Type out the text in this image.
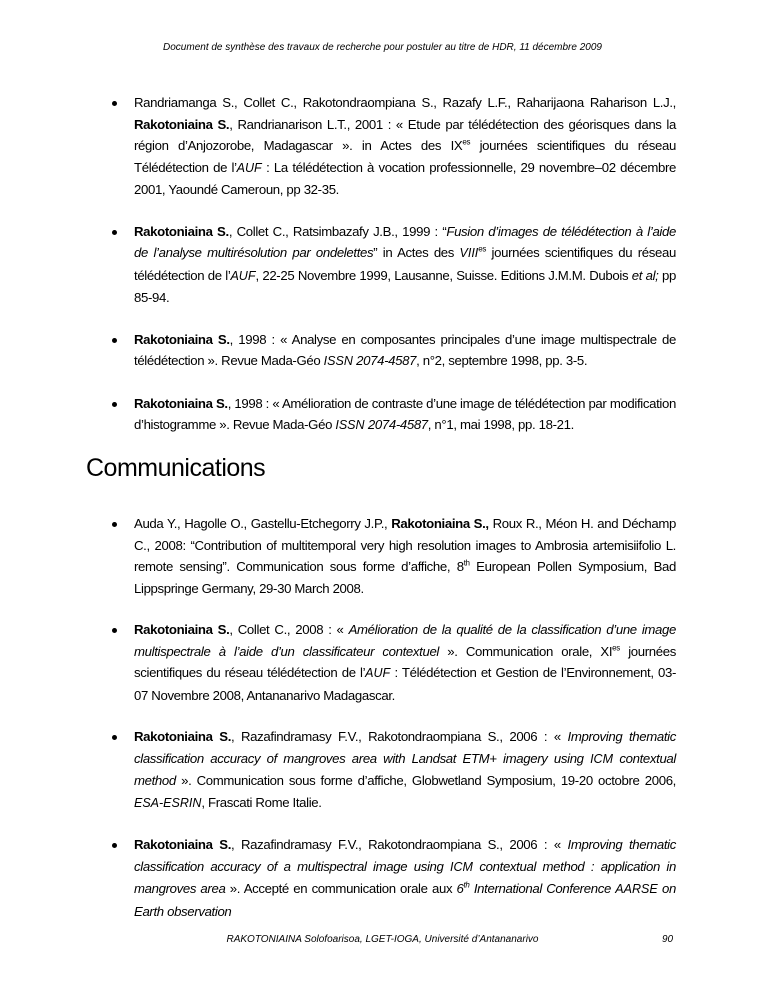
Document de synthèse des travaux de recherche pour postuler au titre de HDR, 11 décembre 2009
Randriamanga S., Collet C., Rakotondraompiana S., Razafy L.F., Raharijaona Raharison L.J., Rakotoniaina S., Randrianarison L.T., 2001 : « Etude par télédétection des géorisques dans la région d’Anjozorobe, Madagascar ». in Actes des $IX^{es}$ journées scientifiques du réseau Télédétection de l’AUF : La télédétection à vocation professionnelle, 29 novembre–02 décembre 2001, Yaoundé Cameroun, pp 32-35.
Rakotoniaina S., Collet C., Ratsimbazafy J.B., 1999 : “Fusion d’images de télédétection à l’aide de l’analyse multirésolution par ondelettes” in Actes des $VIII^{es}$ journées scientifiques du réseau télédétection de l’AUF, 22-25 Novembre 1999, Lausanne, Suisse. Editions J.M.M. Dubois et al; pp 85-94.
Rakotoniaina S., 1998 : « Analyse en composantes principales d’une image multispectrale de télédétection ». Revue Mada-Géo ISSN 2074-4587, n°2, septembre 1998, pp. 3-5.
Rakotoniaina S., 1998 : « Amélioration de contraste d’une image de télédétection par modification d’histogramme ». Revue Mada-Géo ISSN 2074-4587, n°1, mai 1998, pp. 18-21.
Communications
Auda Y., Hagolle O., Gastellu-Etchegorry J.P., Rakotoniaina S., Roux R., Méon H. and Déchamp C., 2008: “Contribution of multitemporal very high resolution images to Ambrosia artemisiifolio L. remote sensing”. Communication sous forme d’affiche, 8th European Pollen Symposium, Bad Lippspringe Germany, 29-30 March 2008.
Rakotoniaina S., Collet C., 2008 : « Amélioration de la qualité de la classification d’une image multispectrale à l’aide d’un classificateur contextuel ». Communication orale, $XI^{es}$ journées scientifiques du réseau télédétection de l’AUF : Télédétection et Gestion de l’Environnement, 03-07 Novembre 2008, Antananarivo Madagascar.
Rakotoniaina S., Razafindramasy F.V., Rakotondraompiana S., 2006 : « Improving thematic classification accuracy of mangroves area with Landsat ETM+ imagery using ICM contextual method ». Communication sous forme d’affiche, Globwetland Symposium, 19-20 octobre 2006, ESA-ESRIN, Frascati Rome Italie.
Rakotoniaina S., Razafindramasy F.V., Rakotondraompiana S., 2006 : « Improving thematic classification accuracy of a multispectral image using ICM contextual method : application in mangroves area ». Accepté en communication orale aux 6th International Conference AARSE on Earth observation
RAKOTONIAINA Solofoarisoa, LGET-IOGA, Université d’Antananarivo	90
